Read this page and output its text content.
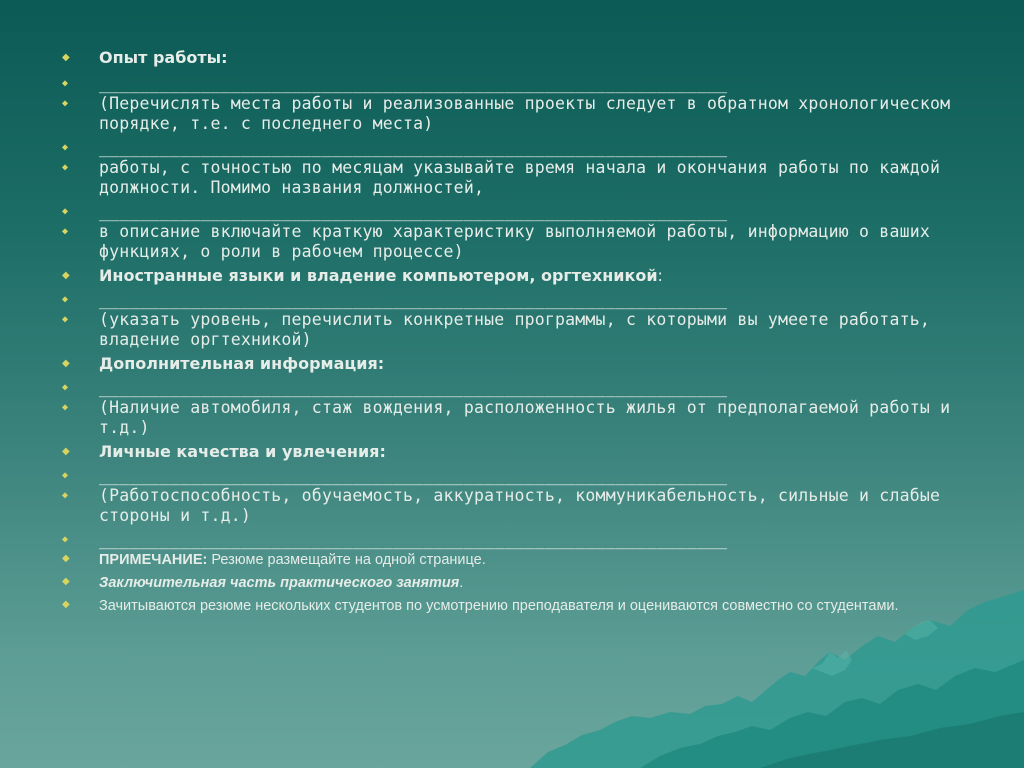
◆ Опыт работы:
◆ ______________________________________________________________
◆ (Перечислять места работы и реализованные проекты следует в обратном хронологическом порядке, т.е. с последнего места)
◆ ______________________________________________________________
◆ работы, с точностью по месяцам указывайте время начала и окончания работы по каждой должности. Помимо названия должностей,
◆ ______________________________________________________________
◆ в описание включайте краткую характеристику выполняемой работы, информацию о ваших функциях, о роли в рабочем процессе)
◆ Иностранные языки и владение компьютером, оргтехникой:
◆ ______________________________________________________________
◆ (указать уровень, перечислить конкретные программы, с которыми вы умеете работать, владение оргтехникой)
◆ Дополнительная информация:
◆ ______________________________________________________________
◆ (Наличие автомобиля, стаж вождения, расположенность жилья от предполагаемой работы и т.д.)
◆ Личные качества и увлечения:
◆ ______________________________________________________________
◆ (Работоспособность, обучаемость, аккуратность, коммуникабельность, сильные и слабые стороны и т.д.)
◆ ______________________________________________________________
◆ ПРИМЕЧАНИЕ: Резюме размещайте на одной странице.
◆ Заключительная часть практического занятия.
◆ Зачитываются резюме нескольких студентов по усмотрению преподавателя и оцениваются совместно со студентами.
